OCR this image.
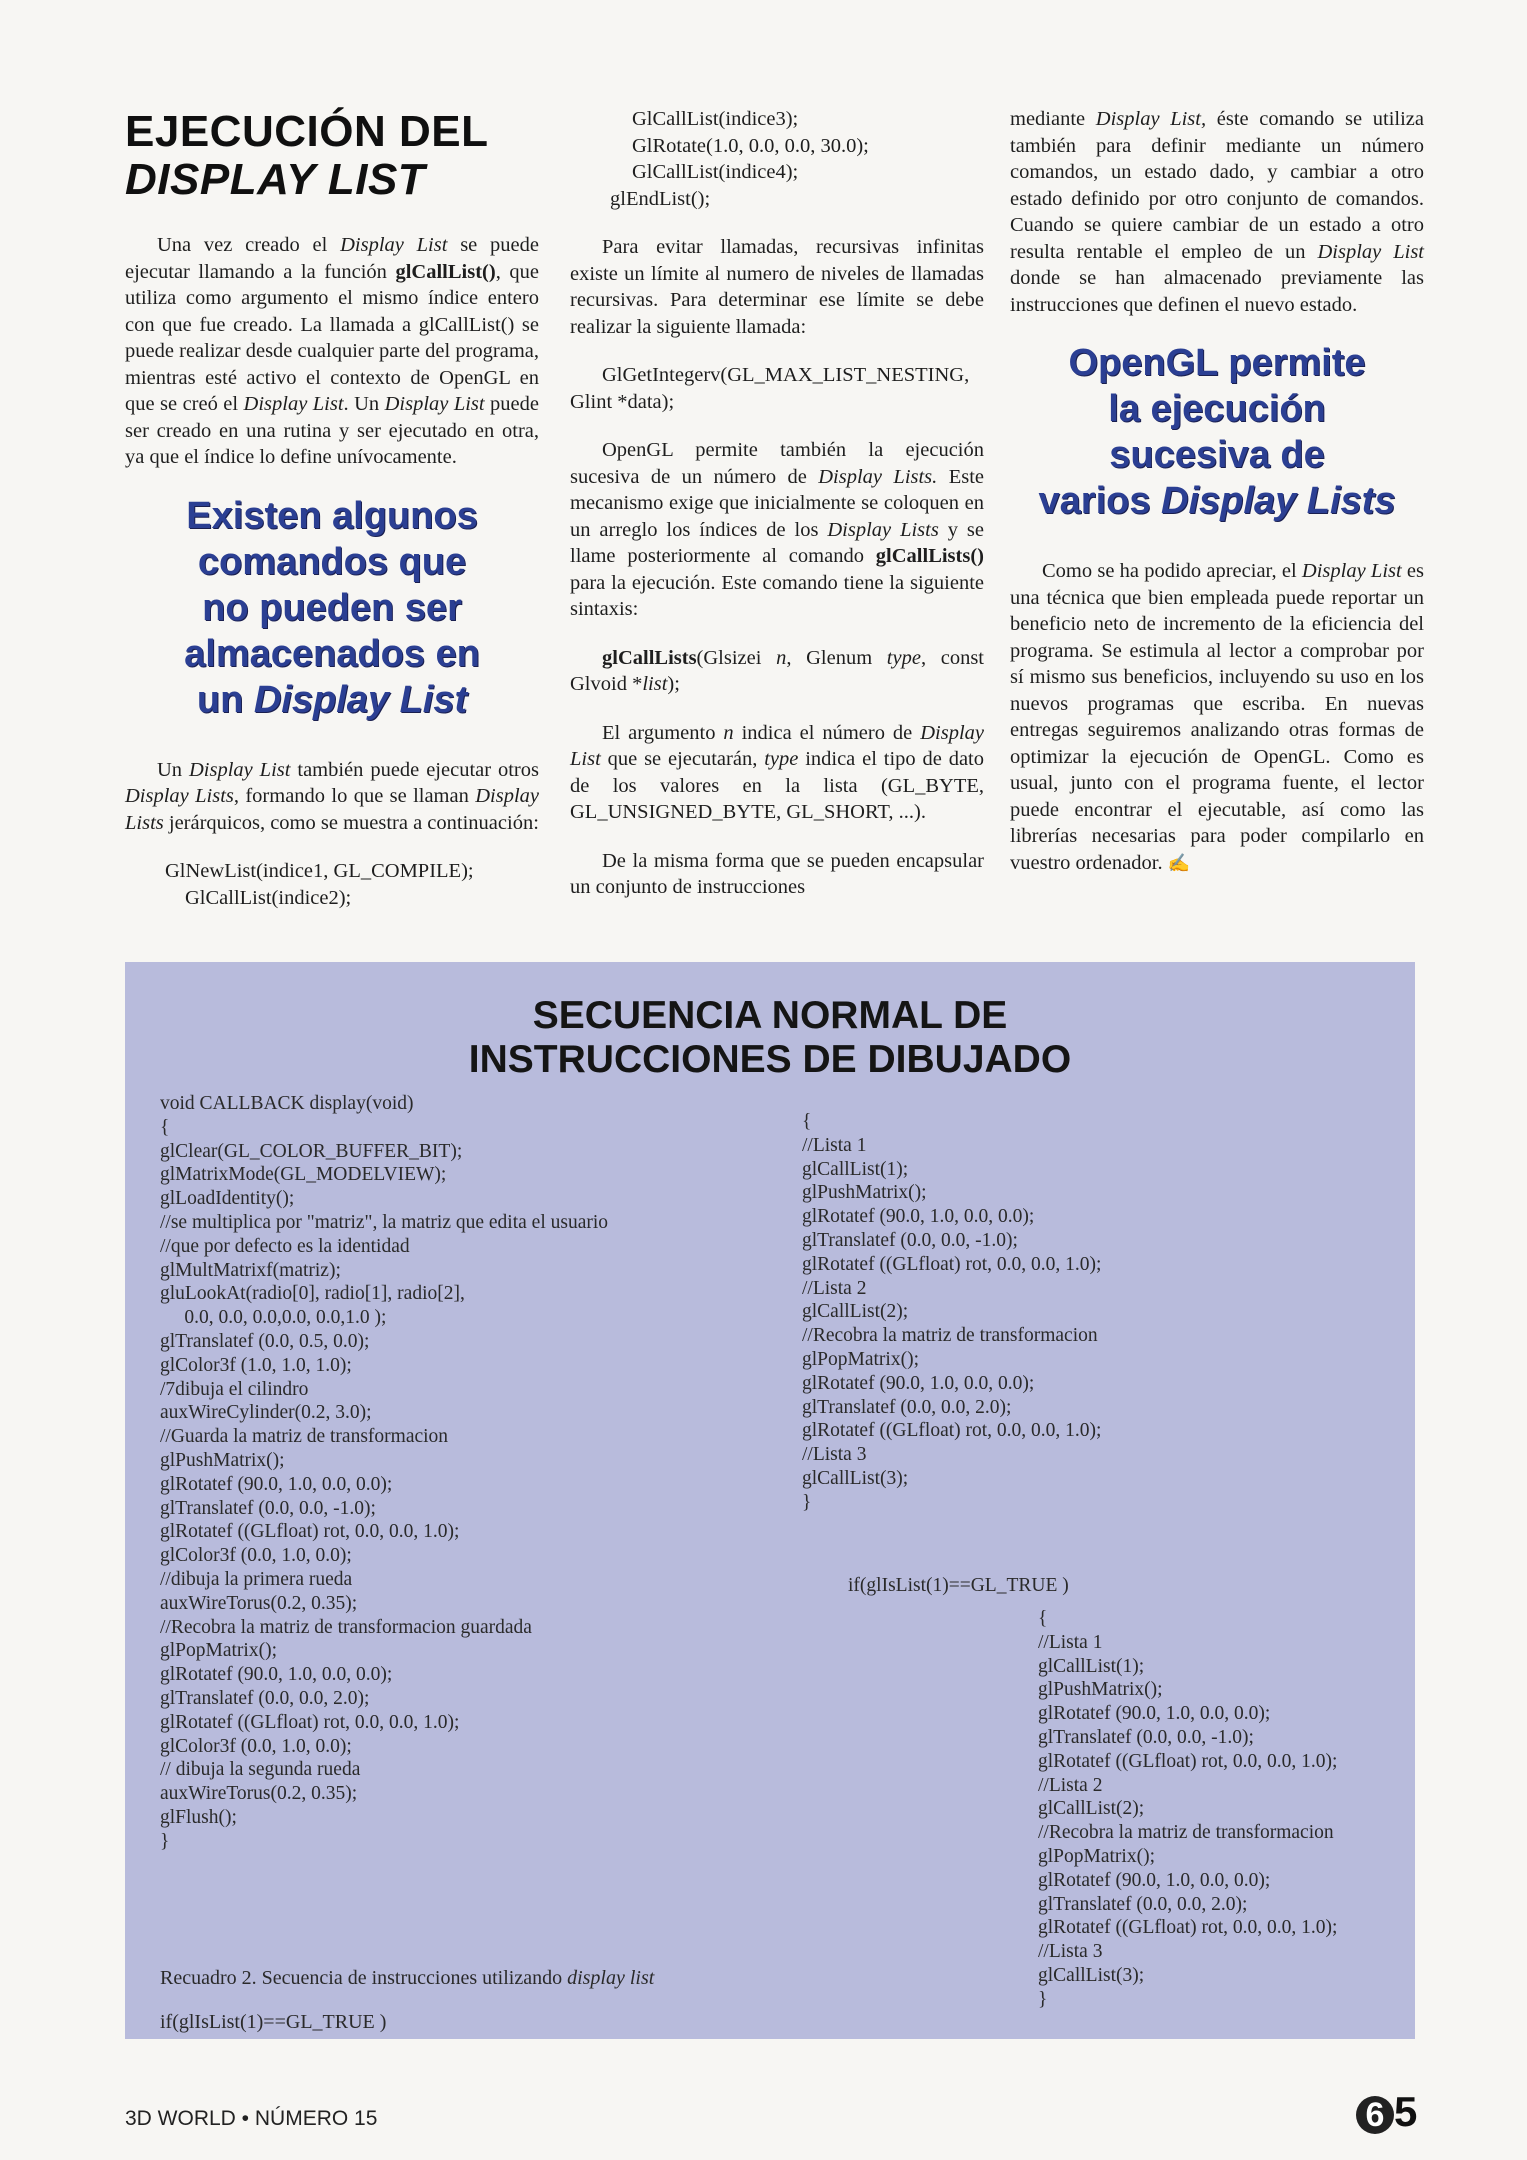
EJECUCIÓN DEL
DISPLAY LIST

Una vez creado el Display List se puede ejecutar llamando a la función glCallList(), que utiliza como argumento el mismo índice entero con que fue creado. La llamada a glCallList() se puede realizar desde cualquier parte del programa, mientras esté activo el contexto de OpenGL en que se creó el Display List. Un Display List puede ser creado en una rutina y ser ejecutado en otra, ya que el índice lo define unívocamente.

Existen algunos
comandos que
no pueden ser
almacenados en
un Display List

Un Display List también puede ejecutar otros Display Lists, formando lo que se llaman Display Lists jerárquicos, como se muestra a continuación:

GlNewList(indice1, GL_COMPILE);
GlCallList(indice2);
GlCallList(indice3);
GlRotate(1.0, 0.0, 0.0, 30.0);
GlCallList(indice4);
glEndList();

Para evitar llamadas, recursivas infinitas existe un límite al numero de niveles de llamadas recursivas. Para determinar ese límite se debe realizar la siguiente llamada:

GlGetIntegerv(GL_MAX_LIST_NESTING, Glint *data);

OpenGL permite también la ejecución sucesiva de un número de Display Lists. Este mecanismo exige que inicialmente se coloquen en un arreglo los índices de los Display Lists y se llame posteriormente al comando glCallLists() para la ejecución. Este comando tiene la siguiente sintaxis:

glCallLists(Glsizei n, Glenum type, const Glvoid *list);

El argumento n indica el número de Display List que se ejecutarán, type indica el tipo de dato de los valores en la lista (GL_BYTE, GL_UNSIGNED_BYTE, GL_SHORT, ...).

De la misma forma que se pueden encapsular un conjunto de instrucciones

mediante Display List, éste comando se utiliza también para definir mediante un número comandos, un estado dado, y cambiar a otro estado definido por otro conjunto de comandos. Cuando se quiere cambiar de un estado a otro resulta rentable el empleo de un Display List donde se han almacenado previamente las instrucciones que definen el nuevo estado.

OpenGL permite
la ejecución
sucesiva de
varios Display Lists

Como se ha podido apreciar, el Display List es una técnica que bien empleada puede reportar un beneficio neto de incremento de la eficiencia del programa. Se estimula al lector a comprobar por sí mismo sus beneficios, incluyendo su uso en los nuevos programas que escriba. En nuevas entregas seguiremos analizando otras formas de optimizar la ejecución de OpenGL. Como es usual, junto con el programa fuente, el lector puede encontrar el ejecutable, así como las librerías necesarias para poder compilarlo en vuestro ordenador. ✍

SECUENCIA NORMAL DE
INSTRUCCIONES DE DIBUJADO
void CALLBACK display(void)
{
glClear(GL_COLOR_BUFFER_BIT);
glMatrixMode(GL_MODELVIEW);
glLoadIdentity();
//se multiplica por "matriz", la matriz que edita el usuario
//que por defecto es la identidad
glMultMatrixf(matriz);
gluLookAt(radio[0], radio[1], radio[2],
0.0, 0.0, 0.0,0.0, 0.0,1.0 );
glTranslatef (0.0, 0.5, 0.0);
glColor3f (1.0, 1.0, 1.0);
/7dibuja el cilindro
auxWireCylinder(0.2, 3.0);
//Guarda la matriz de transformacion
glPushMatrix();
glRotatef (90.0, 1.0, 0.0, 0.0);
glTranslatef (0.0, 0.0, -1.0);
glRotatef ((GLfloat) rot, 0.0, 0.0, 1.0);
glColor3f (0.0, 1.0, 0.0);
//dibuja la primera rueda
auxWireTorus(0.2, 0.35);
//Recobra la matriz de transformacion guardada
glPopMatrix();
glRotatef (90.0, 1.0, 0.0, 0.0);
glTranslatef (0.0, 0.0, 2.0);
glRotatef ((GLfloat) rot, 0.0, 0.0, 1.0);
glColor3f (0.0, 1.0, 0.0);
// dibuja la segunda rueda
auxWireTorus(0.2, 0.35);
glFlush();
}
{
//Lista 1
glCallList(1);
glPushMatrix();
glRotatef (90.0, 1.0, 0.0, 0.0);
glTranslatef (0.0, 0.0, -1.0);
glRotatef ((GLfloat) rot, 0.0, 0.0, 1.0);
//Lista 2
glCallList(2);
//Recobra la matriz de transformacion
glPopMatrix();
glRotatef (90.0, 1.0, 0.0, 0.0);
glTranslatef (0.0, 0.0, 2.0);
glRotatef ((GLfloat) rot, 0.0, 0.0, 1.0);
//Lista 3
glCallList(3);
}
if(glIsList(1)==GL_TRUE )
{
//Lista 1
glCallList(1);
glPushMatrix();
glRotatef (90.0, 1.0, 0.0, 0.0);
glTranslatef (0.0, 0.0, -1.0);
glRotatef ((GLfloat) rot, 0.0, 0.0, 1.0);
//Lista 2
glCallList(2);
//Recobra la matriz de transformacion
glPopMatrix();
glRotatef (90.0, 1.0, 0.0, 0.0);
glTranslatef (0.0, 0.0, 2.0);
glRotatef ((GLfloat) rot, 0.0, 0.0, 1.0);
//Lista 3
glCallList(3);
}
Recuadro 2. Secuencia de instrucciones utilizando display list
if(glIsList(1)==GL_TRUE )
3D WORLD • NÚMERO 15	6 5
